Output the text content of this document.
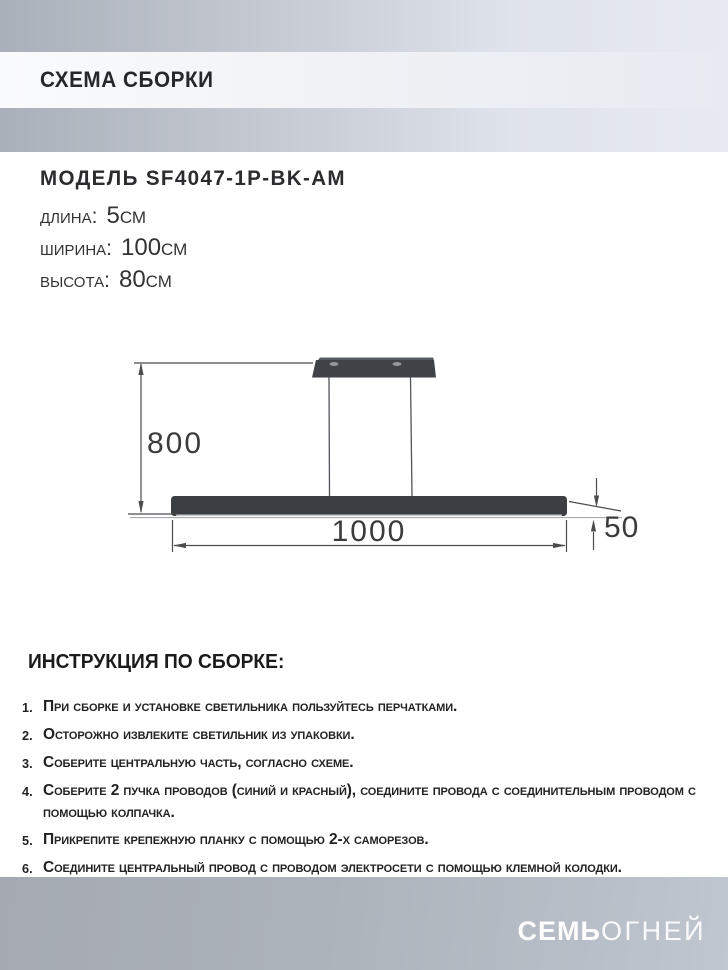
СХЕМА СБОРКИ
МОДЕЛЬ SF4047-1P-BK-AM
длина: 5см
ширина: 100см
высота: 80см
800
1000	50
ИНСТРУКЦИЯ ПО СБОРКЕ:
1. При сборке и установке светильника пользуйтесь перчатками.
2. Осторожно извлеките светильник из упаковки.
3. Соберите центральную часть, согласно схеме.
4. Соберите 2 пучка проводов (синий и красный), соедините провода с соединительным проводом с помощью колпачка.
5. Прикрепите крепежную планку с помощью 2-х саморезов.
6. Соедините центральный провод с проводом электросети с помощью клемной колодки.
СЕМЬОГНЕЙ
